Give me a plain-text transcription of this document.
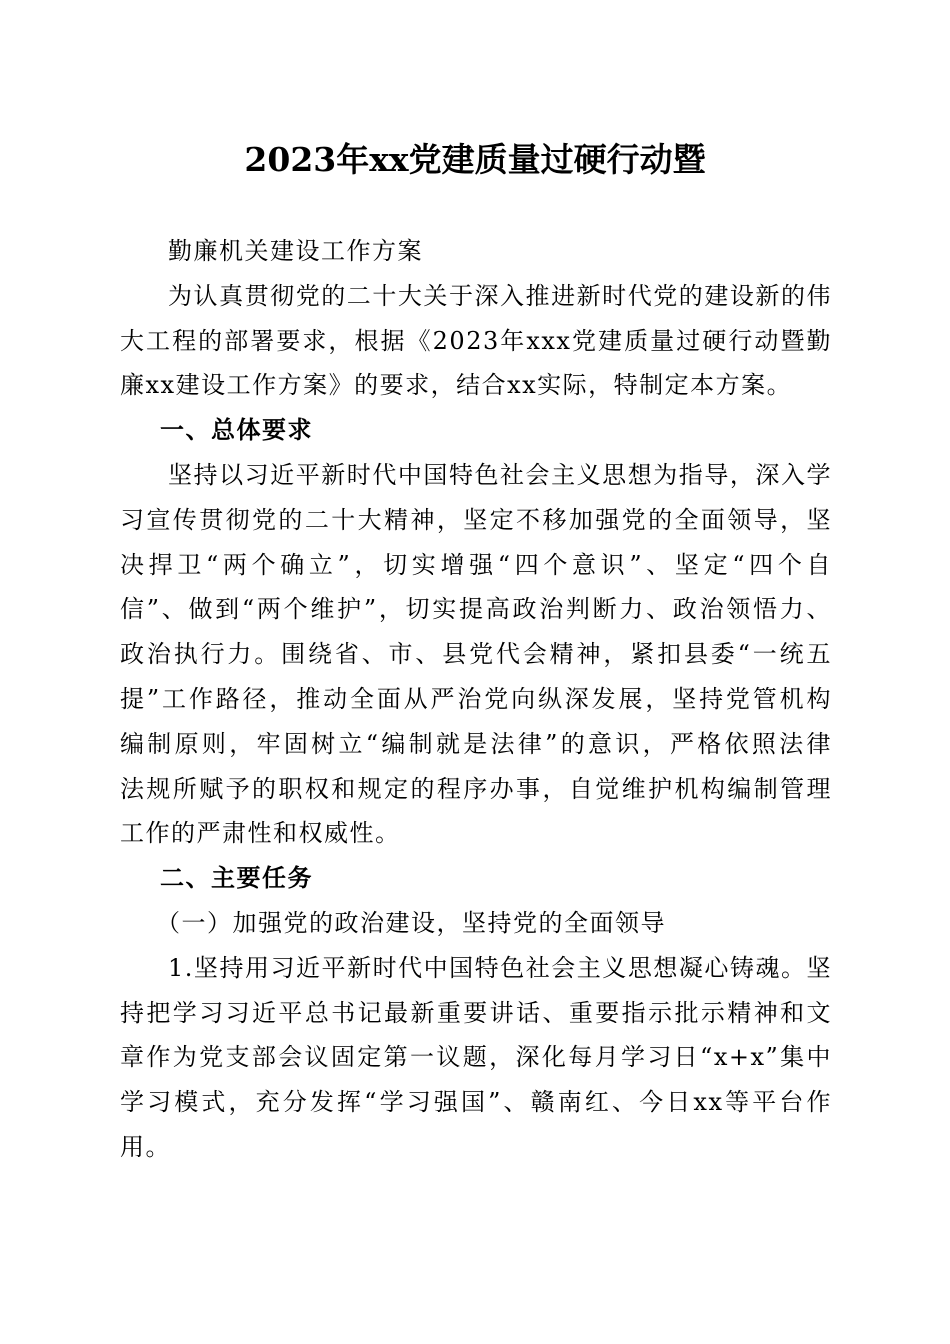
2023年xx党建质量过硬行动暨
勤廉机关建设工作方案
为认真贯彻党的二十大关于深入推进新时代党的建设新的伟
大工程的部署要求，根据《2023年xxx党建质量过硬行动暨勤
廉xx建设工作方案》的要求，结合xx实际，特制定本方案。
一、总体要求
坚持以习近平新时代中国特色社会主义思想为指导，深入学
习宣传贯彻党的二十大精神，坚定不移加强党的全面领导，坚
决捍卫“两个确立”，切实增强“四个意识”、坚定“四个自
信”、做到“两个维护”，切实提高政治判断力、政治领悟力、
政治执行力。围绕省、市、县党代会精神，紧扣县委“一统五
提”工作路径，推动全面从严治党向纵深发展，坚持党管机构
编制原则，牢固树立“编制就是法律”的意识，严格依照法律
法规所赋予的职权和规定的程序办事，自觉维护机构编制管理
工作的严肃性和权威性。
二、主要任务
（一）加强党的政治建设，坚持党的全面领导
1.坚持用习近平新时代中国特色社会主义思想凝心铸魂。坚
持把学习习近平总书记最新重要讲话、重要指示批示精神和文
章作为党支部会议固定第一议题，深化每月学习日“x+x”集中
学习模式，充分发挥“学习强国”、赣南红、今日xx等平台作
用。
